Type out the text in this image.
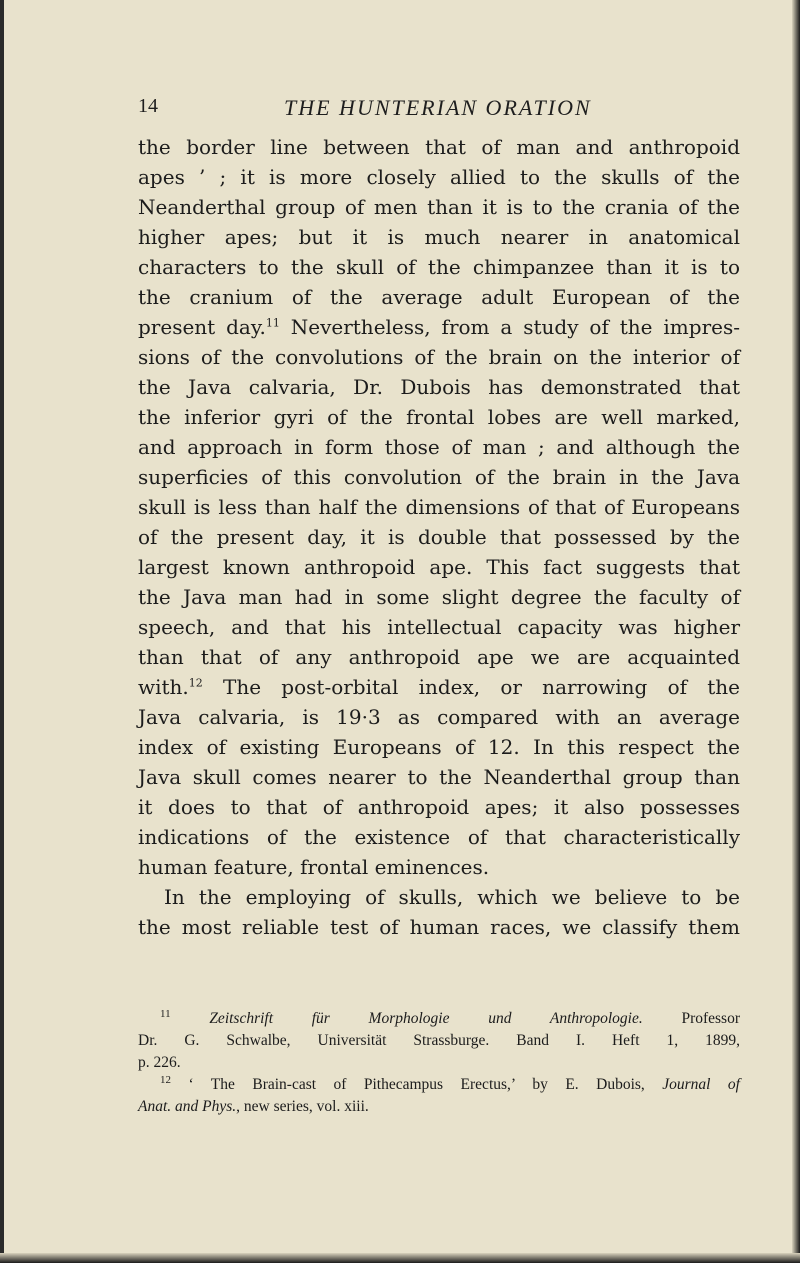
14	THE HUNTERIAN ORATION
the border line between that of man and anthropoid
apes ’ ; it is more closely allied to the skulls of the
Neanderthal group of men than it is to the crania of the
higher apes; but it is much nearer in anatomical
characters to the skull of the chimpanzee than it is to
the cranium of the average adult European of the
present day.$^{11}$ Nevertheless, from a study of the impres-
sions of the convolutions of the brain on the interior of
the Java calvaria, Dr. Dubois has demonstrated that
the inferior gyri of the frontal lobes are well marked,
and approach in form those of man ; and although the
superficies of this convolution of the brain in the Java
skull is less than half the dimensions of that of Europeans
of the present day, it is double that possessed by the
largest known anthropoid ape. This fact suggests that
the Java man had in some slight degree the faculty of
speech, and that his intellectual capacity was higher
than that of any anthropoid ape we are acquainted
with.$^{12}$ The post-orbital index, or narrowing of the
Java calvaria, is 19·3 as compared with an average
index of existing Europeans of 12. In this respect the
Java skull comes nearer to the Neanderthal group than
it does to that of anthropoid apes; it also possesses
indications of the existence of that characteristically
human feature, frontal eminences.
In the employing of skulls, which we believe to be
the most reliable test of human races, we classify them
$^{11}$ Zeitschrift für Morphologie und Anthropologie. Professor
Dr. G. Schwalbe, Universität Strassburge. Band I. Heft 1, 1899,
p. 226.
$^{12}$ ‘ The Brain-cast of Pithecampus Erectus,’ by E. Dubois, Journal of
Anat. and Phys., new series, vol. xiii.
